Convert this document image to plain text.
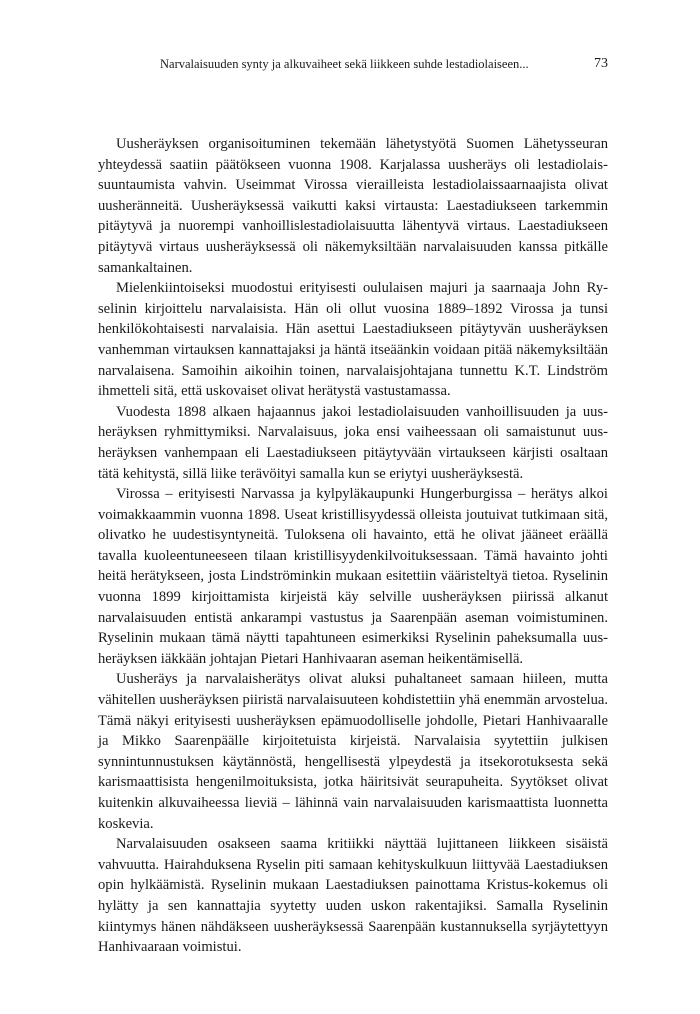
Narvalaisuuden synty ja alkuvaiheet sekä liikkeen suhde lestadiolaiseen...	73

Uusheräyksen organisoituminen tekemään lähetystyötä Suomen Lähetysseuran yhteydessä saatiin päätökseen vuonna 1908. Karjalassa uusheräys oli lestadiolaissuuntaumista vahvin. Useimmat Virossa vierailleista lestadiolaissaarnaajista olivat uusheränneitä. Uusheräyksessä vaikutti kaksi virtausta: Laestadiukseen tarkemmin pitäytyvä ja nuorempi vanhoillislestadiolaisuutta lähentyvä virtaus. Laestadiukseen pitäytyvä virtaus uusheräyksessä oli näkemyksiltään narvalaisuuden kanssa pitkälle samankaltainen.

Mielenkiintoiseksi muodostui erityisesti oululaisen majuri ja saarnaaja John Ryselinin kirjoittelu narvalaisista. Hän oli ollut vuosina 1889–1892 Virossa ja tunsi henkilökohtaisesti narvalaisia. Hän asettui Laestadiukseen pitäytyvän uusheräyksen vanhemman virtauksen kannattajaksi ja häntä itseäänkin voidaan pitää näkemyksiltään narvalaisena. Samoihin aikoihin toinen, narvalaisjohtajana tunnettu K.T. Lindström ihmetteli sitä, että uskovaiset olivat herätystä vastustamassa.

Vuodesta 1898 alkaen hajaannus jakoi lestadiolaisuuden vanhoillisuuden ja uusheräyksen ryhmittymiksi. Narvalaisuus, joka ensi vaiheessaan oli samaistunut uusheräyksen vanhempaan eli Laestadiukseen pitäytyvään virtaukseen kärjisti osaltaan tätä kehitystä, sillä liike terävöityi samalla kun se eriytyi uusheräyksestä.

Virossa – erityisesti Narvassa ja kylpyläkaupunki Hungerburgissa – herätys alkoi voimakkaammin vuonna 1898. Useat kristillisyydessä olleista joutuivat tutkimaan sitä, olivatko he uudestisyntyneitä. Tuloksena oli havainto, että he olivat jääneet eräällä tavalla kuoleentuneeseen tilaan kristillisyydenkilvoituksessaan. Tämä havainto johti heitä herätykseen, josta Lindströminkin mukaan esitettiin vääristeltyä tietoa. Ryselinin vuonna 1899 kirjoittamista kirjeistä käy selville uusheräyksen piirissä alkanut narvalaisuuden entistä ankarampi vastustus ja Saarenpään aseman voimistuminen. Ryselinin mukaan tämä näytti tapahtuneen esimerkiksi Ryselinin paheksumalla uusheräyksen iäkkään johtajan Pietari Hanhivaaran aseman heikentämisellä.

Uusheräys ja narvalaisherätys olivat aluksi puhaltaneet samaan hiileen, mutta vähitellen uusheräyksen piiristä narvalaisuuteen kohdistettiin yhä enemmän arvostelua. Tämä näkyi erityisesti uusheräyksen epämuodolliselle johdolle, Pietari Hanhivaaralle ja Mikko Saarenpäälle kirjoitetuista kirjeistä. Narvalaisia syytettiin julkisen synnintunnustuksen käytännöstä, hengellisestä ylpeydestä ja itsekorotuksesta sekä karismaattisista hengenilmoituksista, jotka häiritsivät seurapuheita. Syytökset olivat kuitenkin alkuvaiheessa lieviä – lähinnä vain narvalaisuuden karismaattista luonnetta koskevia.

Narvalaisuuden osakseen saama kritiikki näyttää lujittaneen liikkeen sisäistä vahvuutta. Hairahduksena Ryselin piti samaan kehityskulkuun liittyvää Laestadiuksen opin hylkäämistä. Ryselinin mukaan Laestadiuksen painottama Kristus-kokemus oli hylätty ja sen kannattajia syytetty uuden uskon rakentajiksi. Samalla Ryselinin kiintymys hänen nähdäkseen uusheräyksessä Saarenpään kustannuksella syrjäytettyyn Hanhivaaraan voimistui.
